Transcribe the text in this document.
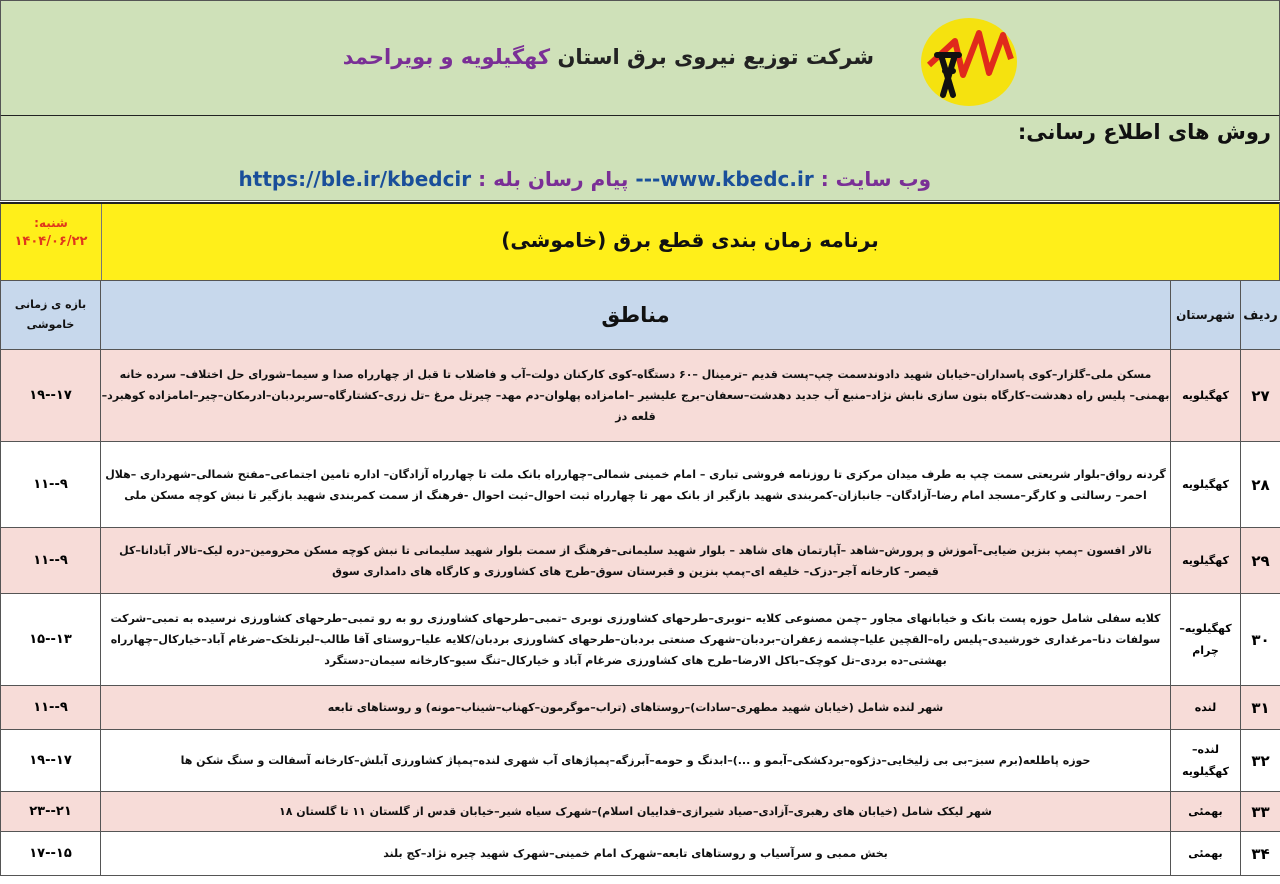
شرکت توزیع نیروی برق استان کهگیلویه و بویراحمد
روش های اطلاع رسانی:
وب سایت : www.kbedc.ir--- پیام رسان بله : https://ble.ir/kbedcir
شنبه:
۱۴۰۴/۰۶/۲۲	برنامه زمان بندی قطع برق (خاموشی)
ردیف	شهرستان	مناطق	بازه ی زمانی خاموشی
۲۷	کهگیلویه	مسکن ملی–گلزار–کوی پاسداران–خیابان شهید دادوندسمت چپ–پست قدیم –ترمینال –۶۰ دستگاه–کوی کارکنان دولت–آب و فاضلاب تا قبل از چهارراه صدا و سیما–شورای حل اختلاف– سرده خانه بهمنی– پلیس راه دهدشت–کارگاه بتون سازی نابش نژاد–منبع آب جدید دهدشت–سعفان–برج علیشیر –امامزاده پهلوان–دم مهد– چیرتل مرغ –تل زری–کشتارگاه–سربردبان–ادرمکان–چیر–امامزاده کوهبرد– قلعه دز	۱۹--۱۷
۲۸	کهگیلویه	گردنه رواق–بلوار شریعتی سمت چپ به طرف میدان مرکزی تا روزنامه فروشی تباری – امام خمینی شمالی–چهارراه بانک ملت تا چهارراه آزادگان– اداره تامین اجتماعی–مفتح شمالی–شهرداری –هلال احمر– رسالتی و کارگر–مسجد امام رضا–آزادگان– جانبازان–کمربندی شهید بازگیر از بانک مهر تا چهارراه ثبت احوال–ثبت احوال -فرهنگ از سمت کمربندی شهید بازگیر تا نبش کوچه مسکن ملی	۱۱--۹
۲۹	کهگیلویه	تالار افسون –پمپ بنزین ضیایی–آموزش و پرورش–شاهد –آپارتمان های شاهد – بلوار شهید سلیمانی–فرهنگ از سمت بلوار شهید سلیمانی تا نبش کوچه مسکن محرومین–دره لیک–تالار آبادانا–کل قیصر– کارخانه آجر–دزک– خلیفه ای–پمپ بنزین و قبرستان سوق–طرح های کشاورزی و کارگاه های دامداری سوق	۱۱--۹
۳۰	کهگیلویه– چرام	کلایه سفلی شامل حوزه پست بانک و خیابانهای مجاور –چمن مصنوعی کلایه –نوبری–طرحهای کشاورزی نوبری –تمبی–طرحهای کشاورزی رو به رو تمبی–طرحهای کشاورزی نرسیده به تمبی–شرکت سولفات دنا–مرغداری خورشیدی–پلیس راه–القچین علیا–چشمه زعفران–بردبان–شهرک صنعتی بردبان–طرحهای کشاورزی بردبان/کلایه علیا–روستای آقا طالب–لیرتلخک–ضرغام آباد–خیارکال–چهارراه بهشتی–ده بردی–تل کوچک–باکل الارضا–طرح های کشاورزی ضرغام آباد و خیارکال–تنگ سیو–کارخانه سیمان–دستگرد	۱۵--۱۳
۳۱	لنده	شهر لنده شامل (خیابان شهید مطهری–سادات)–روستاهای (تراب–موگرمون–کهناب–شیناب–مونه) و روستاهای تابعه	۱۱--۹
۳۲	لنده– کهگیلویه	حوزه پاطلعه(برم سبز–بی بی زلیخایی–دژکوه–بردکشکی–آبمو و ...)–ابدنگ و حومه–آبرزگه–پمپاژهای آب شهری لنده–پمپاژ کشاورزی آبلش–کارخانه آسفالت و سنگ شکن ها	۱۹--۱۷
۳۳	بهمئی	شهر لیکک شامل (خیابان های رهبری–آزادی–صیاد شیرازی–فداییان اسلام)–شهرک سیاه شیر–خیابان قدس از گلستان ۱۱ تا گلستان ۱۸	۲۳--۲۱
۳۴	بهمئی	بخش ممبی و سرآسیاب و روستاهای تابعه–شهرک امام خمینی–شهرک شهید چیره نژاد–کج بلند	۱۷--۱۵
